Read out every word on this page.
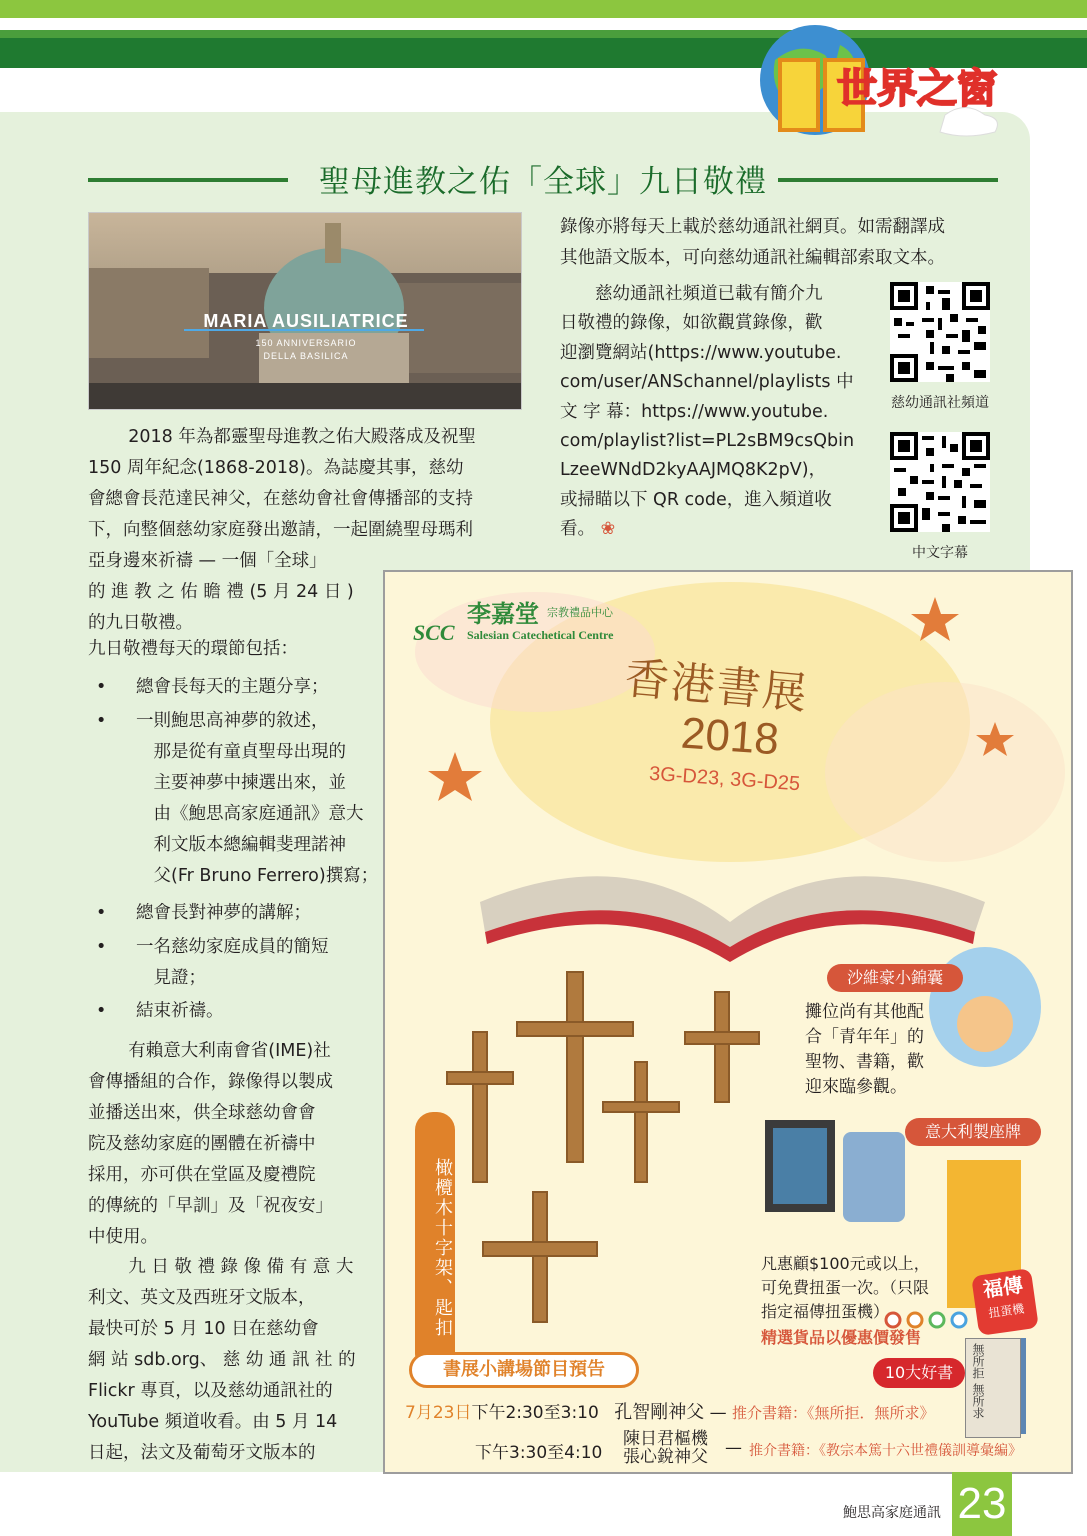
世界之窗
聖母進教之佑「全球」九日敬禮
MARIA AUSILIATRICE
150 ANNIVERSARIO
DELLA BASILICA
錄像亦將每天上載於慈幼通訊社網頁。如需翻譯成
其他語文版本，可向慈幼通訊社編輯部索取文本。
慈幼通訊社頻道已載有簡介九
日敬禮的錄像，如欲觀賞錄像，歡
迎瀏覽網站(https://www.youtube.
com/user/ANSchannel/playlists 中
文 字 幕：https://www.youtube.
com/playlist?list=PL2sBM9csQbin
LzeeWNdD2kyAAJMQ8K2pV)，
或掃瞄以下 QR code，進入頻道收
看。 ❀
慈幼通訊社頻道
中文字幕
2018 年為都靈聖母進教之佑大殿落成及祝聖
150 周年紀念(1868-2018)。為誌慶其事，慈幼
會總會長范達民神父，在慈幼會社會傳播部的支持
下，向整個慈幼家庭發出邀請，一起圍繞聖母瑪利
亞身邊來祈禱 — 一個「全球」
的 進 教 之 佑 瞻 禮 (5 月 24 日 )
的九日敬禮。
九日敬禮每天的環節包括：
• 總會長每天的主題分享；
• 一則鮑思高神夢的敘述，
那是從有童貞聖母出現的
主要神夢中揀選出來，並
由《鮑思高家庭通訊》意大
利文版本總編輯斐理諾神
父(Fr Bruno Ferrero)撰寫；
• 總會長對神夢的講解；
• 一名慈幼家庭成員的簡短
見證；
• 結束祈禱。
有賴意大利南會省(IME)社
會傳播組的合作，錄像得以製成
並播送出來，供全球慈幼會會
院及慈幼家庭的團體在祈禱中
採用，亦可供在堂區及慶禮院
的傳統的「早訓」及「祝夜安」
中使用。
九 日 敬 禮 錄 像 備 有 意 大
利文、英文及西班牙文版本，
最快可於 5 月 10 日在慈幼會
網 站 sdb.org、 慈 幼 通 訊 社 的
Flickr 專頁，以及慈幼通訊社的
YouTube 頻道收看。由 5 月 14
日起，法文及葡萄牙文版本的
SCC
李嘉堂 宗教禮品中心
Salesian Catechetical Centre
香港書展
2018
3G-D23, 3G-D25
沙維豪小錦囊
攤位尚有其他配
合「青年年」的
聖物、書籍，歡
迎來臨參觀。
意大利製座牌
橄欖木十字架、匙扣	凡惠顧$100元或以上，
可免費扭蛋一次。（只限
指定福傳扭蛋機）
福傳
扭蛋機
精選貨品以優惠價發售
10大好書	無所拒 無所求
書展小講場節目預告
7月23日下午2:30至3:10 孔智剛神父 — 推介書籍：《無所拒．無所求》
下午3:30至4:10
陳日君樞機
張心銳神父 — 推介書籍：《教宗本篤十六世禮儀訓導彙編》
鮑思高家庭通訊 23
